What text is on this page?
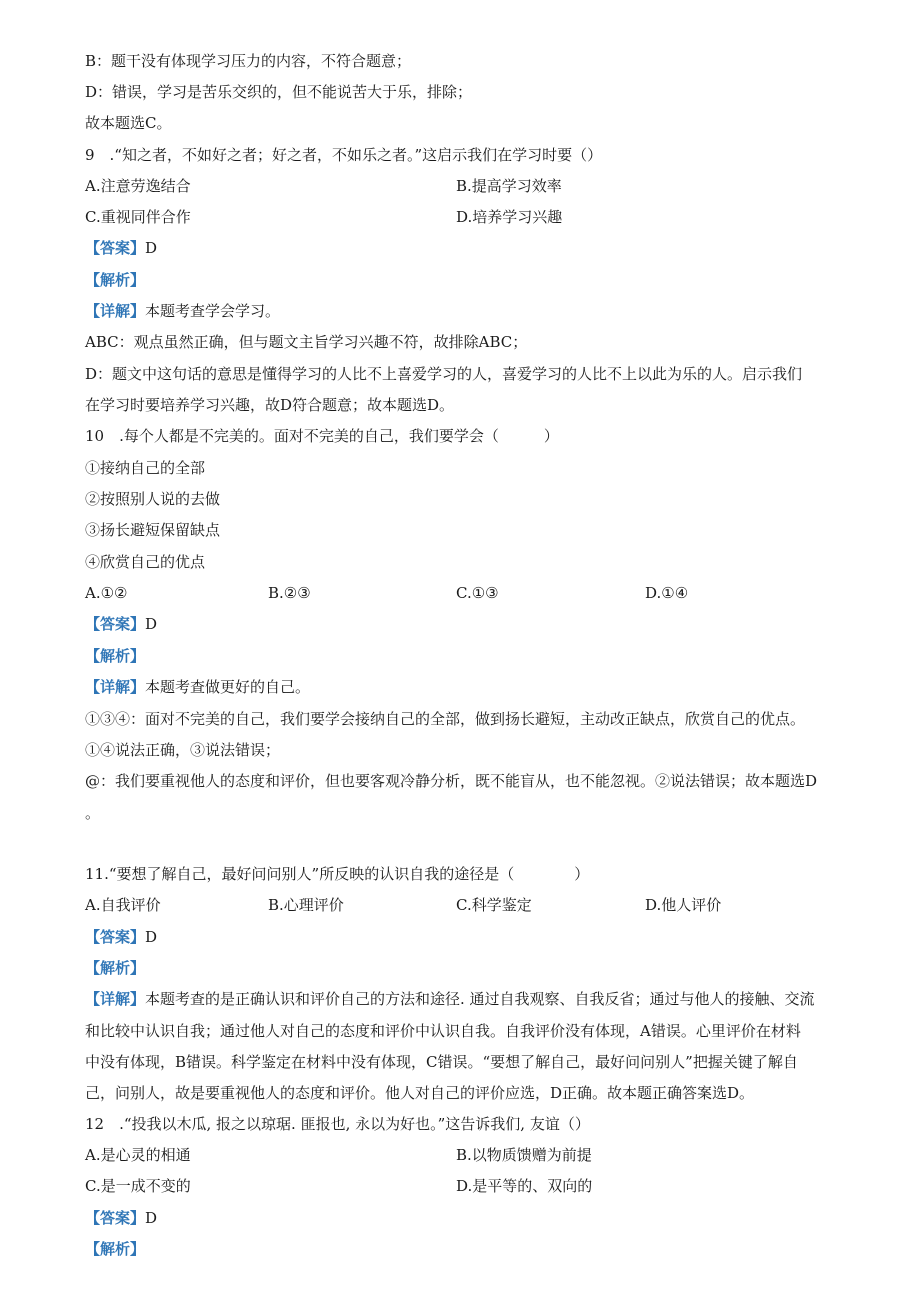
B：题干没有体现学习压力的内容，不符合题意；
D：错误，学习是苦乐交织的，但不能说苦大于乐，排除；
故本题选C。
9　.“知之者，不如好之者；好之者，不如乐之者。”这启示我们在学习时要（）
A.注意劳逸结合	B.提高学习效率
C.重视同伴合作	D.培养学习兴趣
【答案】D
【解析】
【详解】本题考查学会学习。
ABC：观点虽然正确，但与题文主旨学习兴趣不符，故排除ABC；
D：题文中这句话的意思是懂得学习的人比不上喜爱学习的人，喜爱学习的人比不上以此为乐的人。启示我们
在学习时要培养学习兴趣，故D符合题意；故本题选D。
10　.每个人都是不完美的。面对不完美的自己，我们要学会（　　　）
①接纳自己的全部
②按照别人说的去做
③扬长避短保留缺点
④欣赏自己的优点
A.①②	B.②③	C.①③	D.①④
【答案】D
【解析】
【详解】本题考查做更好的自己。
①③④：面对不完美的自己，我们要学会接纳自己的全部，做到扬长避短，主动改正缺点，欣赏自己的优点。
①④说法正确，③说法错误；
@：我们要重视他人的态度和评价，但也要客观冷静分析，既不能盲从，也不能忽视。②说法错误；故本题选D
。
11.“要想了解自己，最好问问别人”所反映的认识自我的途径是（　　　　）
A.自我评价	B.心理评价	C.科学鉴定	D.他人评价
【答案】D
【解析】
【详解】本题考查的是正确认识和评价自己的方法和途径. 通过自我观察、自我反省；通过与他人的接触、交流
和比较中认识自我；通过他人对自己的态度和评价中认识自我。自我评价没有体现，A错误。心里评价在材料
中没有体现，B错误。科学鉴定在材料中没有体现，C错误。“要想了解自己，最好问问别人”把握关键了解自
己，问别人，故是要重视他人的态度和评价。他人对自己的评价应选，D正确。故本题正确答案选D。
12　.“投我以木瓜, 报之以琼琚. 匪报也, 永以为好也。”这告诉我们, 友谊（）
A.是心灵的相通	B.以物质馈赠为前提
C.是一成不变的	D.是平等的、双向的
【答案】D
【解析】
